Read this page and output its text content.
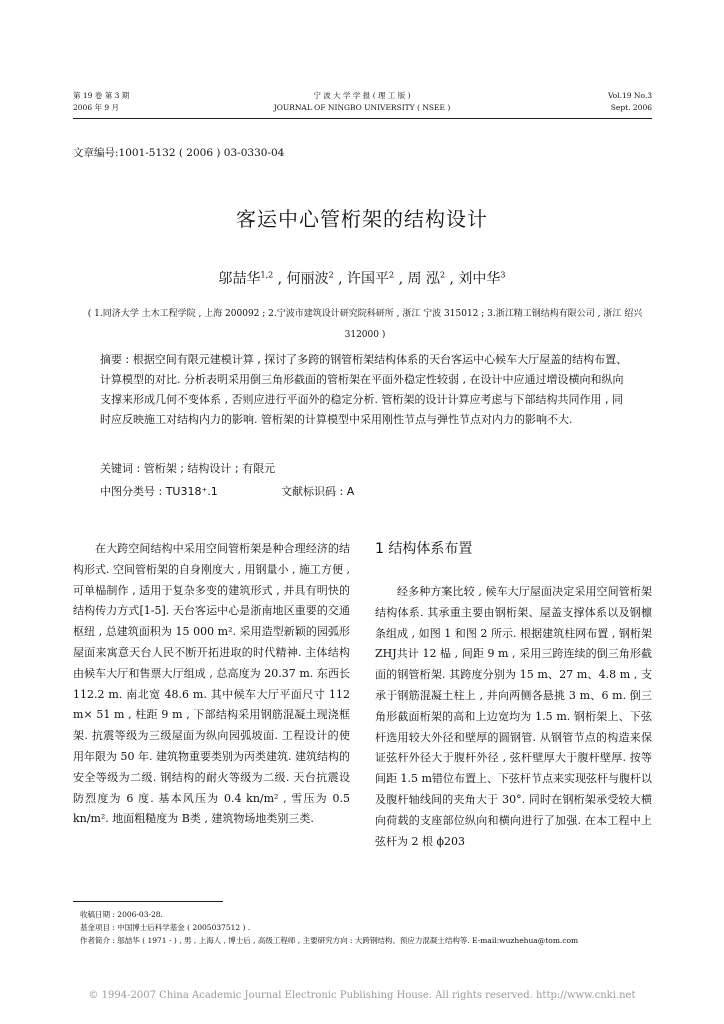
第 19 卷 第 3 期
2006 年 9 月
宁 波 大 学 学 报 ( 理 工 版 )
JOURNAL OF NINGBO UNIVERSITY ( NSEE )
Vol.19 No.3
Sept. 2006
文章编号:1001-5132 ( 2006 ) 03-0330-04
客运中心管桁架的结构设计
邬喆华$^{1,2}$ , 何丽波$^2$ , 许国平$^2$ , 周 泓$^2$ , 刘中华$^3$
( 1.同济大学 土木工程学院 , 上海 200092 ; 2.宁波市建筑设计研究院科研所 , 浙江 宁波 315012 ; 3.浙江精工钢结构有限公司 , 浙江 绍兴 312000 )

摘要 : 根据空间有限元建模计算 , 探讨了多跨的钢管桁架结构体系的天台客运中心候车大厅屋盖的结构布置、计算模型的对比. 分析表明采用倒三角形截面的管桁架在平面外稳定性较弱 , 在设计中应通过增设横向和纵向支撑来形成几何不变体系 , 否则应进行平面外的稳定分析. 管桁架的设计计算应考虑与下部结构共同作用 , 同时应反映施工对结构内力的影响. 管桁架的计算模型中采用刚性节点与弹性节点对内力的影响不大.

关键词 : 管桁架 ; 结构设计 ; 有限元
中图分类号 : TU318⁺.1	文献标识码 : A

在大跨空间结构中采用空间管桁架是种合理经济的结构形式. 空间管桁架的自身刚度大 , 用钢量小 , 施工方便 , 可单榀制作 , 适用于复杂多变的建筑形式 , 并具有明快的结构传力方式[1-5]. 天台客运中心是浙南地区重要的交通枢纽 , 总建筑面积为 15 000 m². 采用造型新颖的园弧形屋面来寓意天台人民不断开拓进取的时代精神. 主体结构由候车大厅和售票大厅组成 , 总高度为 20.37 m. 东西长 112.2 m. 南北宽 48.6 m. 其中候车大厅平面尺寸 112 m× 51 m , 柱距 9 m , 下部结构采用钢筋混凝土现浇框架. 抗震等级为三级屋面为纵向园弧坡面. 工程设计的使用年限为 50 年. 建筑物重要类别为丙类建筑. 建筑结构的安全等级为二级. 钢结构的耐火等级为二级. 天台抗震设防烈度为 6 度. 基本风压为 0.4 kn/m² , 雪压为 0.5 kn/m². 地面粗糙度为 B类 , 建筑物场地类别三类.

1 结构体系布置

经多种方案比较 , 候车大厅屋面决定采用空间管桁架结构体系. 其承重主要由钢桁架、屋盖支撑体系以及钢檩条组成 , 如图 1 和图 2 所示. 根据建筑柱网布置 , 钢桁架ZHJ共计 12 榀 , 间距 9 m , 采用三跨连续的倒三角形截面的钢管桁架. 其跨度分别为 15 m、27 m、4.8 m , 支承于钢筋混凝土柱上 , 并向两侧各悬挑 3 m、6 m. 倒三角形截面桁架的高和上边宽均为 1.5 m. 钢桁架上、下弦杆选用较大外径和壁厚的圆钢管. 从钢管节点的构造来保证弦杆外径大于腹杆外径 , 弦杆壁厚大于腹杆壁厚. 按等间距 1.5 m错位布置上、下弦杆节点来实现弦杆与腹杆以及腹杆轴线间的夹角大于 30°. 同时在钢桁架承受较大横向荷载的支座部位纵向和横向进行了加强. 在本工程中上弦杆为 2 根 ϕ203

收稿日期 : 2006-03-28.
基金项目 : 中国博士后科学基金 ( 2005037512 ) .
作者简介 : 邬喆华 ( 1971 - ) , 男 , 上海人 , 博士后 , 高级工程师 , 主要研究方向 : 大跨钢结构、预应力混凝土结构等. E-mail:wuzhehua@tom.com
© 1994-2007 China Academic Journal Electronic Publishing House. All rights reserved. http://www.cnki.net
